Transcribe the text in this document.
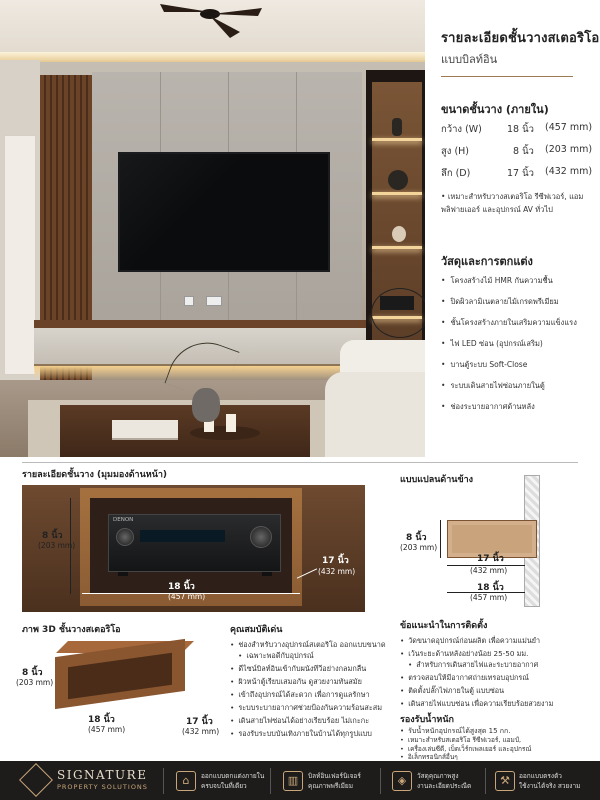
รายละเอียดชั้นวางสเตอริโอ
แบบบิลท์อิน
ขนาดชั้นวาง (ภายใน)
กว้าง (W)	18 นิ้ว (457 mm)
สูง (H)	8 นิ้ว (203 mm)
ลึก (D)	17 นิ้ว (432 mm)
• เหมาะสำหรับวางสเตอริโอ รีซีฟเวอร์, แอมพลิฟายเออร์ และอุปกรณ์ AV ทั่วไป
วัสดุและการตกแต่ง
• โครงสร้างไม้ HMR กันความชื้น
• ปิดผิวลามิเนตลายไม้เกรดพรีเมียม
• ชั้นโครงสร้างภายในเสริมความแข็งแรง
• ไฟ LED ซ่อน (อุปกรณ์เสริม)
• บานตู้ระบบ Soft-Close
• ระบบเดินสายไฟซ่อนภายในตู้
• ช่องระบายอากาศด้านหลัง
รายละเอียดชั้นวาง (มุมมองด้านหน้า)
DENON
8 นิ้ว
(203 mm)
18 นิ้ว
(457 mm)
17 นิ้ว
(432 mm)
แบบแปลนด้านข้าง
8 นิ้ว
(203 mm)
17 นิ้ว
(432 mm)
18 นิ้ว
(457 mm)
ภาพ 3D ชั้นวางสเตอริโอ
8 นิ้ว
(203 mm)
18 นิ้ว
(457 mm)
17 นิ้ว
(432 mm)
คุณสมบัติเด่น
• ช่องสำหรับวางอุปกรณ์สเตอริโอ ออกแบบขนาด
• เฉพาะพอดีกับอุปกรณ์
• ดีไซน์บิลท์อินเข้ากับผนังทีวีอย่างกลมกลืน
• ผิวหน้าตู้เรียบเสมอกัน ดูสวยงามทันสมัย
• เข้าถึงอุปกรณ์ได้สะดวก เพื่อการดูแลรักษา
• ระบบระบายอากาศช่วยป้องกันความร้อนสะสม
• เดินสายไฟซ่อนได้อย่างเรียบร้อย ไม่เกะกะ
• รองรับระบบบันเทิงภายในบ้านได้ทุกรูปแบบ
ข้อแนะนำในการติดตั้ง
• วัดขนาดอุปกรณ์ก่อนผลิต เพื่อความแม่นยำ
• เว้นระยะด้านหลังอย่างน้อย 25-50 มม.
• สำหรับการเดินสายไฟและระบายอากาศ
• ตรวจสอบให้มีอากาศถ่ายเทรอบอุปกรณ์
• ติดตั้งปลั๊กไฟภายในตู้ แบบซ่อน
• เดินสายไฟแบบซ่อน เพื่อความเรียบร้อยสวยงาม
รองรับน้ำหนัก
• รับน้ำหนักอุปกรณ์ได้สูงสุด 15 กก.
• เหมาะสำหรับสเตอริโอ รีซีฟเวอร์, แอมป์,
• เครื่องเล่นซีดี, เบ็ดเว็ร์กเพลเยอร์ และอุปกรณ์
• อิเล็กทรอนิกส์อื่นๆ
SIGNATURE
PROPERTY SOLUTIONS	⌂	ออกแบบตกแต่งภายใน
ครบจบในที่เดียว	▥	บิลท์อินเฟอร์นิเจอร์
คุณภาพพรีเมียม	◈	วัสดุคุณภาพสูง
งานละเอียดประณีต	⚒	ออกแบบตรงตัว
ใช้งานได้จริง สวยงาม
